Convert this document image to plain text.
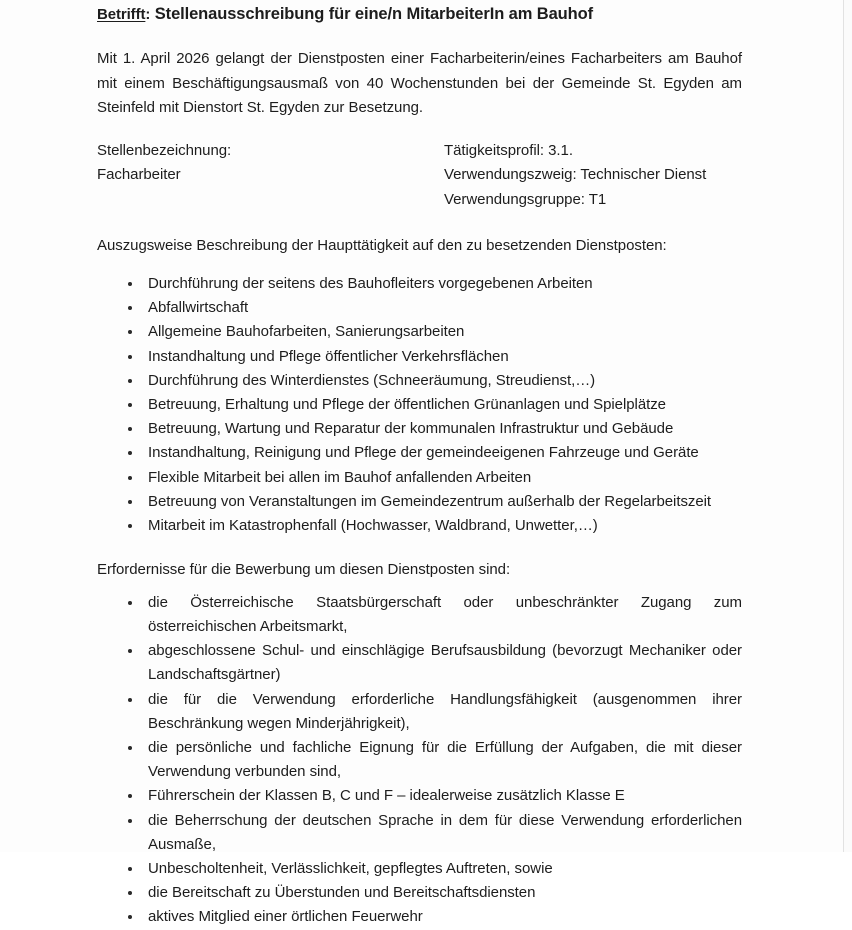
Betrifft: Stellenausschreibung für eine/n MitarbeiterIn am Bauhof

Mit 1. April 2026 gelangt der Dienstposten einer Facharbeiterin/eines Facharbeiters am Bauhof mit einem Beschäftigungsausmaß von 40 Wochenstunden bei der Gemeinde St. Egyden am Steinfeld mit Dienstort St. Egyden zur Besetzung.

Stellenbezeichnung:
Facharbeiter
Tätigkeitsprofil: 3.1.
Verwendungszweig: Technischer Dienst
Verwendungsgruppe: T1

Auszugsweise Beschreibung der Haupttätigkeit auf den zu besetzenden Dienstposten:

Durchführung der seitens des Bauhofleiters vorgegebenen Arbeiten
Abfallwirtschaft
Allgemeine Bauhofarbeiten, Sanierungsarbeiten
Instandhaltung und Pflege öffentlicher Verkehrsflächen
Durchführung des Winterdienstes (Schneeräumung, Streudienst,…)
Betreuung, Erhaltung und Pflege der öffentlichen Grünanlagen und Spielplätze
Betreuung, Wartung und Reparatur der kommunalen Infrastruktur und Gebäude
Instandhaltung, Reinigung und Pflege der gemeindeeigenen Fahrzeuge und Geräte
Flexible Mitarbeit bei allen im Bauhof anfallenden Arbeiten
Betreuung von Veranstaltungen im Gemeindezentrum außerhalb der Regelarbeitszeit
Mitarbeit im Katastrophenfall (Hochwasser, Waldbrand, Unwetter,…)

Erfordernisse für die Bewerbung um diesen Dienstposten sind:

die Österreichische Staatsbürgerschaft oder unbeschränkter Zugang zum österreichischen Arbeitsmarkt,
abgeschlossene Schul- und einschlägige Berufsausbildung (bevorzugt Mechaniker oder Landschaftsgärtner)
die für die Verwendung erforderliche Handlungsfähigkeit (ausgenommen ihrer Beschränkung wegen Minderjährigkeit),
die persönliche und fachliche Eignung für die Erfüllung der Aufgaben, die mit dieser Verwendung verbunden sind,
Führerschein der Klassen B, C und F – idealerweise zusätzlich Klasse E
die Beherrschung der deutschen Sprache in dem für diese Verwendung erforderlichen Ausmaße,
Unbescholtenheit, Verlässlichkeit, gepflegtes Auftreten, sowie
die Bereitschaft zu Überstunden und Bereitschaftsdiensten
aktives Mitglied einer örtlichen Feuerwehr
